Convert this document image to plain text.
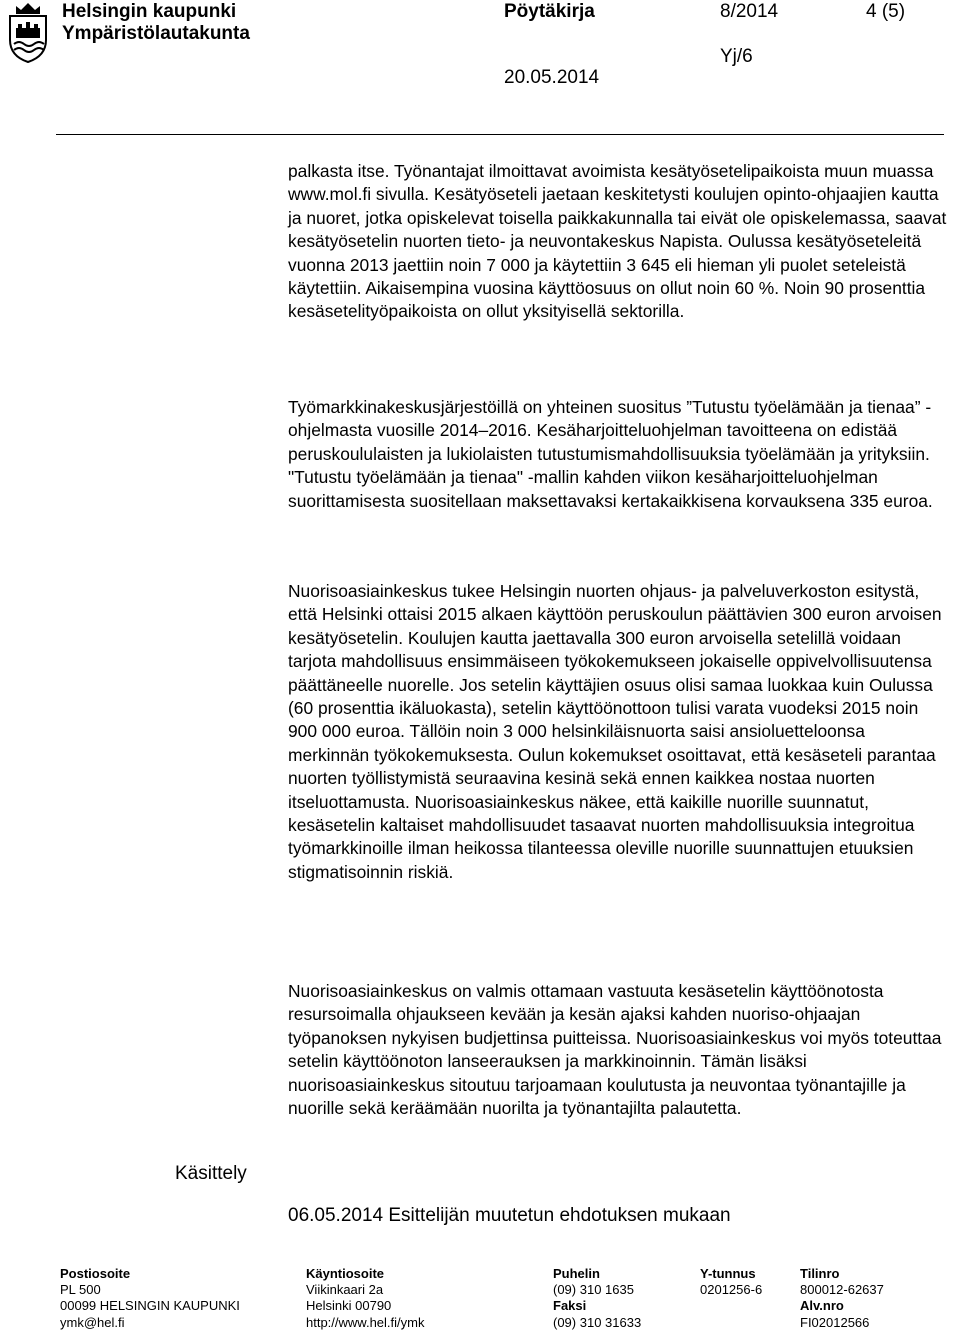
Helsingin kaupunki
Ympäristölautakunta
Pöytäkirja	8/2014	4 (5)
Yj/6
20.05.2014

palkasta itse. Työnantajat ilmoittavat avoimista kesätyösetelipaikoista muun muassa www.mol.fi sivulla. Kesätyöseteli jaetaan keskitetysti koulujen opinto-ohjaajien kautta ja nuoret, jotka opiskelevat toisella paikkakunnalla tai eivät ole opiskelemassa, saavat kesätyösetelin nuorten tieto- ja neuvontakeskus Napista. Oulussa kesätyöseteleitä vuonna 2013 jaettiin noin 7 000 ja käytettiin 3 645 eli hieman yli puolet seteleistä käytettiin. Aikaisempina vuosina käyttöosuus on ollut noin 60 %. Noin 90 prosenttia kesäsetelityöpaikoista on ollut yksityisellä sektorilla.

Työmarkkinakeskusjärjestöillä on yhteinen suositus ”Tutustu työelämään ja tienaa” -ohjelmasta vuosille 2014–2016. Kesäharjoitteluohjelman tavoitteena on edistää peruskoululaisten ja lukiolaisten tutustumismahdollisuuksia työelämään ja yrityksiin. "Tutustu työelämään ja tienaa" -mallin kahden viikon kesäharjoitteluohjelman suorittamisesta suositellaan maksettavaksi kertakaikkisena korvauksena 335 euroa.

Nuorisoasiainkeskus tukee Helsingin nuorten ohjaus- ja palveluverkoston esitystä, että Helsinki ottaisi 2015 alkaen käyttöön peruskoulun päättävien 300 euron arvoisen kesätyösetelin. Koulujen kautta jaettavalla 300 euron arvoisella setelillä voidaan tarjota mahdollisuus ensimmäiseen työkokemukseen jokaiselle oppivelvollisuutensa päättäneelle nuorelle. Jos setelin käyttäjien osuus olisi samaa luokkaa kuin Oulussa (60 prosenttia ikäluokasta), setelin käyttöönottoon tulisi varata vuodeksi 2015 noin 900 000 euroa. Tällöin noin 3 000 helsinkiläisnuorta saisi ansioluetteloonsa merkinnän työkokemuksesta. Oulun kokemukset osoittavat, että kesäseteli parantaa nuorten työllistymistä seuraavina kesinä sekä ennen kaikkea nostaa nuorten itseluottamusta. Nuorisoasiainkeskus näkee, että kaikille nuorille suunnatut, kesäsetelin kaltaiset mahdollisuudet tasaavat nuorten mahdollisuuksia integroitua työmarkkinoille ilman heikossa tilanteessa oleville nuorille suunnattujen etuuksien stigmatisoinnin riskiä.

Nuorisoasiainkeskus on valmis ottamaan vastuuta kesäsetelin käyttöönotosta resursoimalla ohjaukseen kevään ja kesän ajaksi kahden nuoriso-ohjaajan työpanoksen nykyisen budjettinsa puitteissa. Nuorisoasiainkeskus voi myös toteuttaa setelin käyttöönoton lanseerauksen ja markkinoinnin. Tämän lisäksi nuorisoasiainkeskus sitoutuu tarjoamaan koulutusta ja neuvontaa työnantajille ja nuorille sekä keräämään nuorilta ja työnantajilta palautetta.

Käsittely
06.05.2014 Esittelijän muutetun ehdotuksen mukaan
Postiosoite
PL 500
00099 HELSINGIN KAUPUNKI
ymk@hel.fi
Käyntiosoite
Viikinkaari 2a
Helsinki 00790
http://www.hel.fi/ymk
Puhelin
(09) 310 1635
Faksi
(09) 310 31633
Y-tunnus
0201256-6
Tilinro
800012-62637
Alv.nro
FI02012566
